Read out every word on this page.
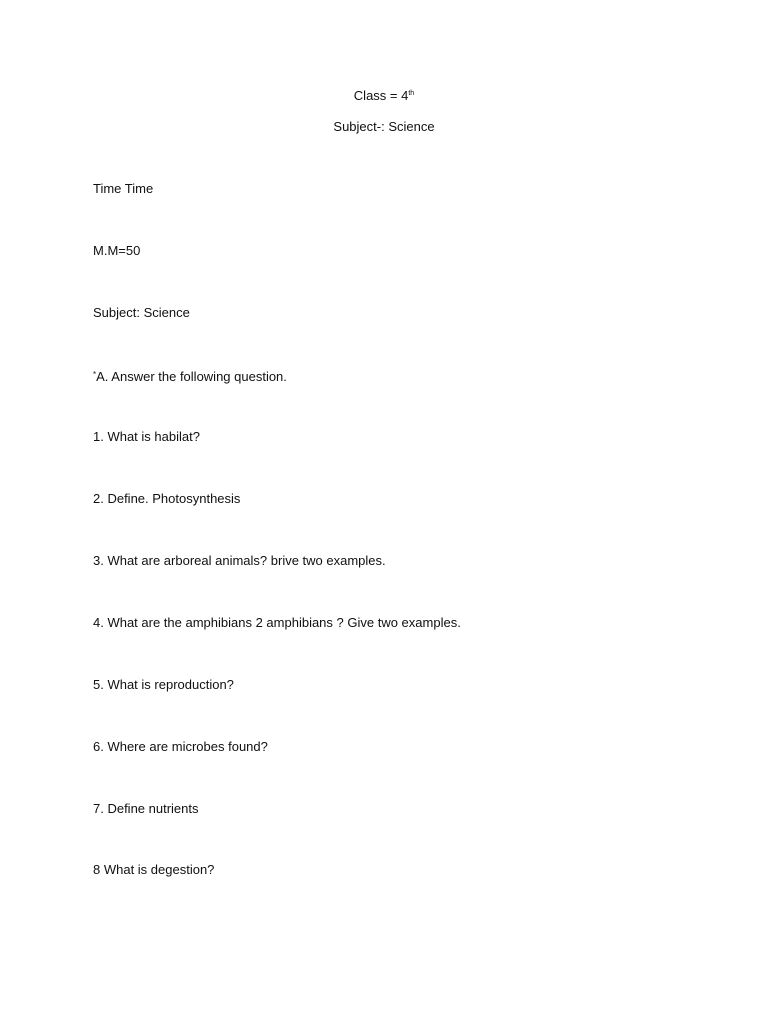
Class = 4th
Subject-: Science
Time Time
M.M=50
Subject: Science
*A. Answer the following question.
1. What is habilat?
2. Define. Photosynthesis
3. What are arboreal animals? brive two examples.
4. What are the amphibians 2 amphibians ? Give two examples.
5. What is reproduction?
6. Where are microbes found?
7. Define nutrients
8 What is degestion?
